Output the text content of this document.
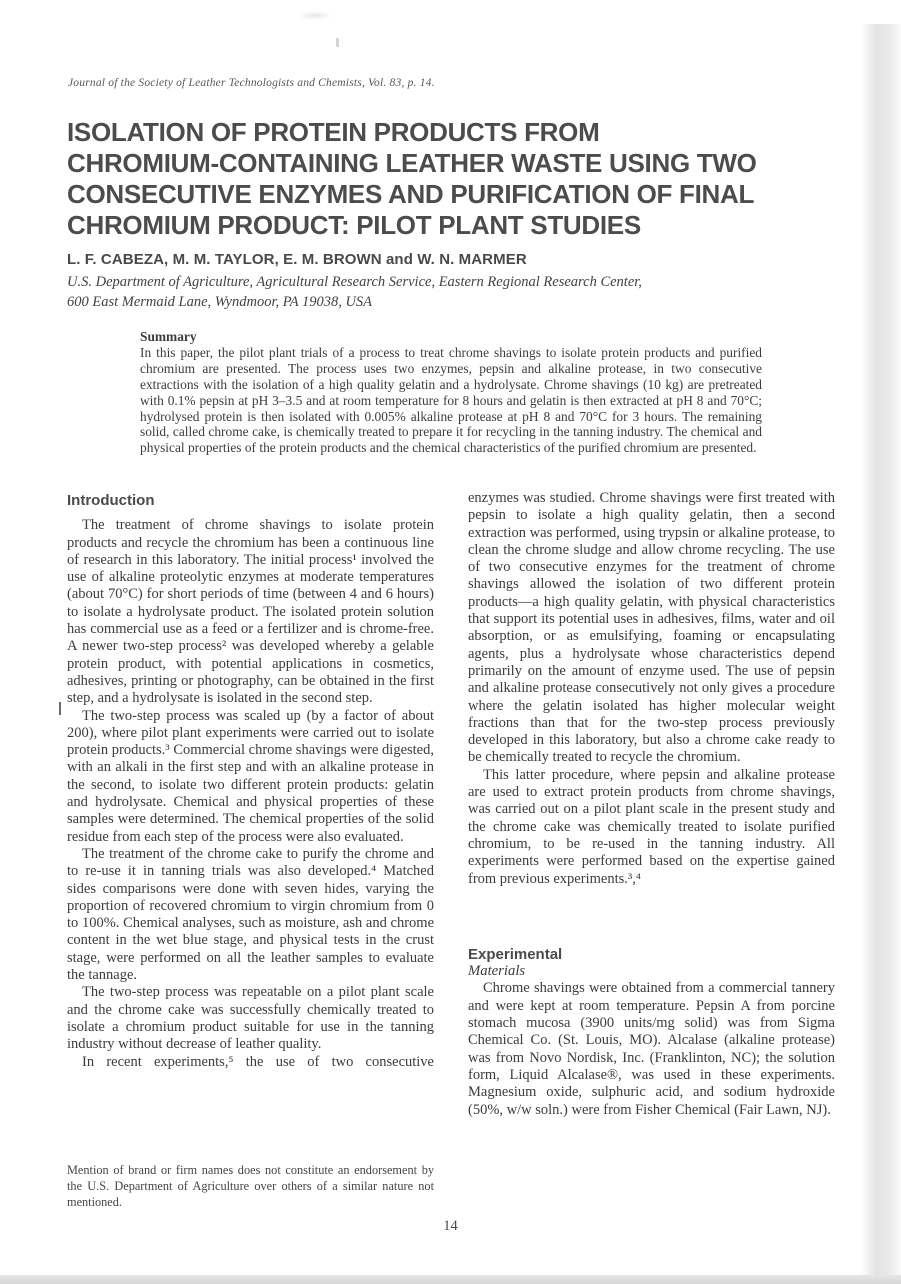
Journal of the Society of Leather Technologists and Chemists, Vol. 83, p. 14.
ISOLATION OF PROTEIN PRODUCTS FROM
CHROMIUM-CONTAINING LEATHER WASTE USING TWO
CONSECUTIVE ENZYMES AND PURIFICATION OF FINAL
CHROMIUM PRODUCT: PILOT PLANT STUDIES
L. F. CABEZA, M. M. TAYLOR, E. M. BROWN and W. N. MARMER
U.S. Department of Agriculture, Agricultural Research Service, Eastern Regional Research Center,
600 East Mermaid Lane, Wyndmoor, PA 19038, USA

Summary

In this paper, the pilot plant trials of a process to treat chrome shavings to isolate protein products and purified chromium are presented. The process uses two enzymes, pepsin and alkaline protease, in two consecutive extractions with the isolation of a high quality gelatin and a hydrolysate. Chrome shavings (10 kg) are pretreated with 0.1% pepsin at pH 3–3.5 and at room temperature for 8 hours and gelatin is then extracted at pH 8 and 70°C; hydrolysed protein is then isolated with 0.005% alkaline protease at pH 8 and 70°C for 3 hours. The remaining solid, called chrome cake, is chemically treated to prepare it for recycling in the tanning industry. The chemical and physical properties of the protein products and the chemical characteristics of the purified chromium are presented.

Introduction

The treatment of chrome shavings to isolate protein products and recycle the chromium has been a continuous line of research in this laboratory. The initial process¹ involved the use of alkaline proteolytic enzymes at moderate temperatures (about 70°C) for short periods of time (between 4 and 6 hours) to isolate a hydrolysate product. The isolated protein solution has commercial use as a feed or a fertilizer and is chrome-free. A newer two-step process² was developed whereby a gelable protein product, with potential applications in cosmetics, adhesives, printing or photography, can be obtained in the first step, and a hydrolysate is isolated in the second step.

The two-step process was scaled up (by a factor of about 200), where pilot plant experiments were carried out to isolate protein products.³ Commercial chrome shavings were digested, with an alkali in the first step and with an alkaline protease in the second, to isolate two different protein products: gelatin and hydrolysate. Chemical and physical properties of these samples were determined. The chemical properties of the solid residue from each step of the process were also evaluated.

The treatment of the chrome cake to purify the chrome and to re-use it in tanning trials was also developed.⁴ Matched sides comparisons were done with seven hides, varying the proportion of recovered chromium to virgin chromium from 0 to 100%. Chemical analyses, such as moisture, ash and chrome content in the wet blue stage, and physical tests in the crust stage, were performed on all the leather samples to evaluate the tannage.

The two-step process was repeatable on a pilot plant scale and the chrome cake was successfully chemically treated to isolate a chromium product suitable for use in the tanning industry without decrease of leather quality.

In recent experiments,⁵ the use of two consecutive

Mention of brand or firm names does not constitute an endorsement by the U.S. Department of Agriculture over others of a similar nature not mentioned.

enzymes was studied. Chrome shavings were first treated with pepsin to isolate a high quality gelatin, then a second extraction was performed, using trypsin or alkaline protease, to clean the chrome sludge and allow chrome recycling. The use of two consecutive enzymes for the treatment of chrome shavings allowed the isolation of two different protein products—a high quality gelatin, with physical characteristics that support its potential uses in adhesives, films, water and oil absorption, or as emulsifying, foaming or encapsulating agents, plus a hydrolysate whose characteristics depend primarily on the amount of enzyme used. The use of pepsin and alkaline protease consecutively not only gives a procedure where the gelatin isolated has higher molecular weight fractions than that for the two-step process previously developed in this laboratory, but also a chrome cake ready to be chemically treated to recycle the chromium.

This latter procedure, where pepsin and alkaline protease are used to extract protein products from chrome shavings, was carried out on a pilot plant scale in the present study and the chrome cake was chemically treated to isolate purified chromium, to be re-used in the tanning industry. All experiments were performed based on the expertise gained from previous experiments.³,⁴

Experimental

Materials

Chrome shavings were obtained from a commercial tannery and were kept at room temperature. Pepsin A from porcine stomach mucosa (3900 units/mg solid) was from Sigma Chemical Co. (St. Louis, MO). Alcalase (alkaline protease) was from Novo Nordisk, Inc. (Franklinton, NC); the solution form, Liquid Alcalase®, was used in these experiments. Magnesium oxide, sulphuric acid, and sodium hydroxide (50%, w/w soln.) were from Fisher Chemical (Fair Lawn, NJ).

14
